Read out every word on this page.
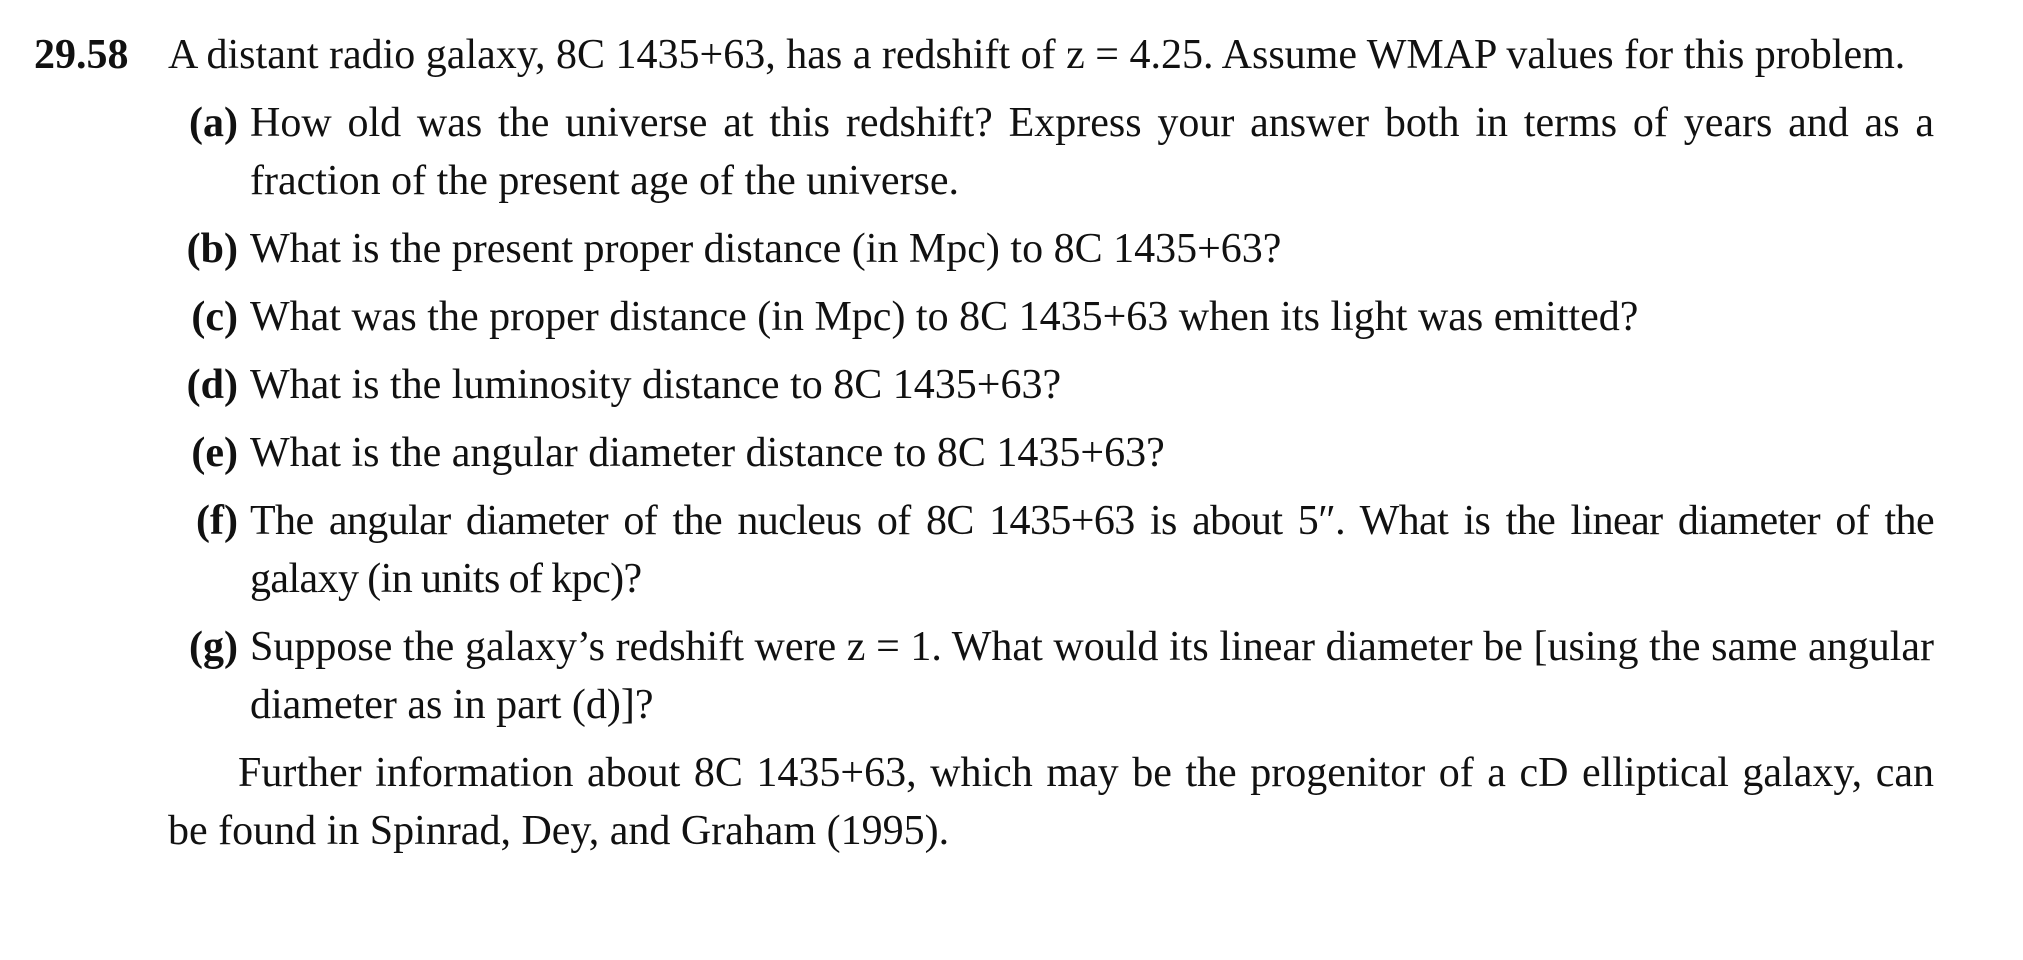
29.58 A distant radio galaxy, 8C 1435+63, has a redshift of z = 4.25. Assume WMAP values for this problem.
(a) How old was the universe at this redshift? Express your answer both in terms of years and as a fraction of the present age of the universe.
(b) What is the present proper distance (in Mpc) to 8C 1435+63?
(c) What was the proper distance (in Mpc) to 8C 1435+63 when its light was emitted?
(d) What is the luminosity distance to 8C 1435+63?
(e) What is the angular diameter distance to 8C 1435+63?
(f) The angular diameter of the nucleus of 8C 1435+63 is about 5″. What is the linear diameter of the galaxy (in units of kpc)?
(g) Suppose the galaxy’s redshift were z = 1. What would its linear diameter be [using the same angular diameter as in part (d)]?
Further information about 8C 1435+63, which may be the progenitor of a cD elliptical galaxy, can be found in Spinrad, Dey, and Graham (1995).
